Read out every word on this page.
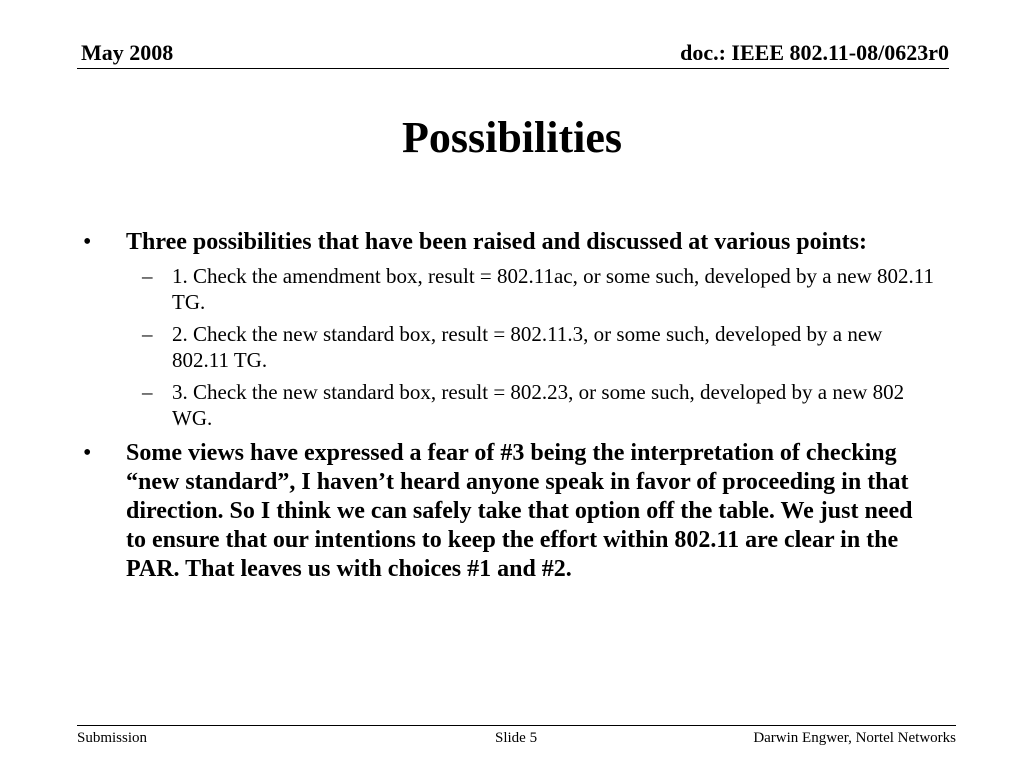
May 2008	doc.: IEEE 802.11-08/0623r0
Possibilities
• Three possibilities that have been raised and discussed at various points:
– 1. Check the amendment box, result = 802.11ac, or some such, developed by a new 802.11 TG.
– 2. Check the new standard box, result = 802.11.3, or some such, developed by a new 802.11 TG.
– 3. Check the new standard box, result = 802.23, or some such, developed by a new 802 WG.
• Some views have expressed a fear of #3 being the interpretation of checking “new standard”, I haven’t heard anyone speak in favor of proceeding in that direction. So I think we can safely take that option off the table. We just need to ensure that our intentions to keep the effort within 802.11 are clear in the PAR. That leaves us with choices #1 and #2.
Submission	Slide 5	Darwin Engwer, Nortel Networks
